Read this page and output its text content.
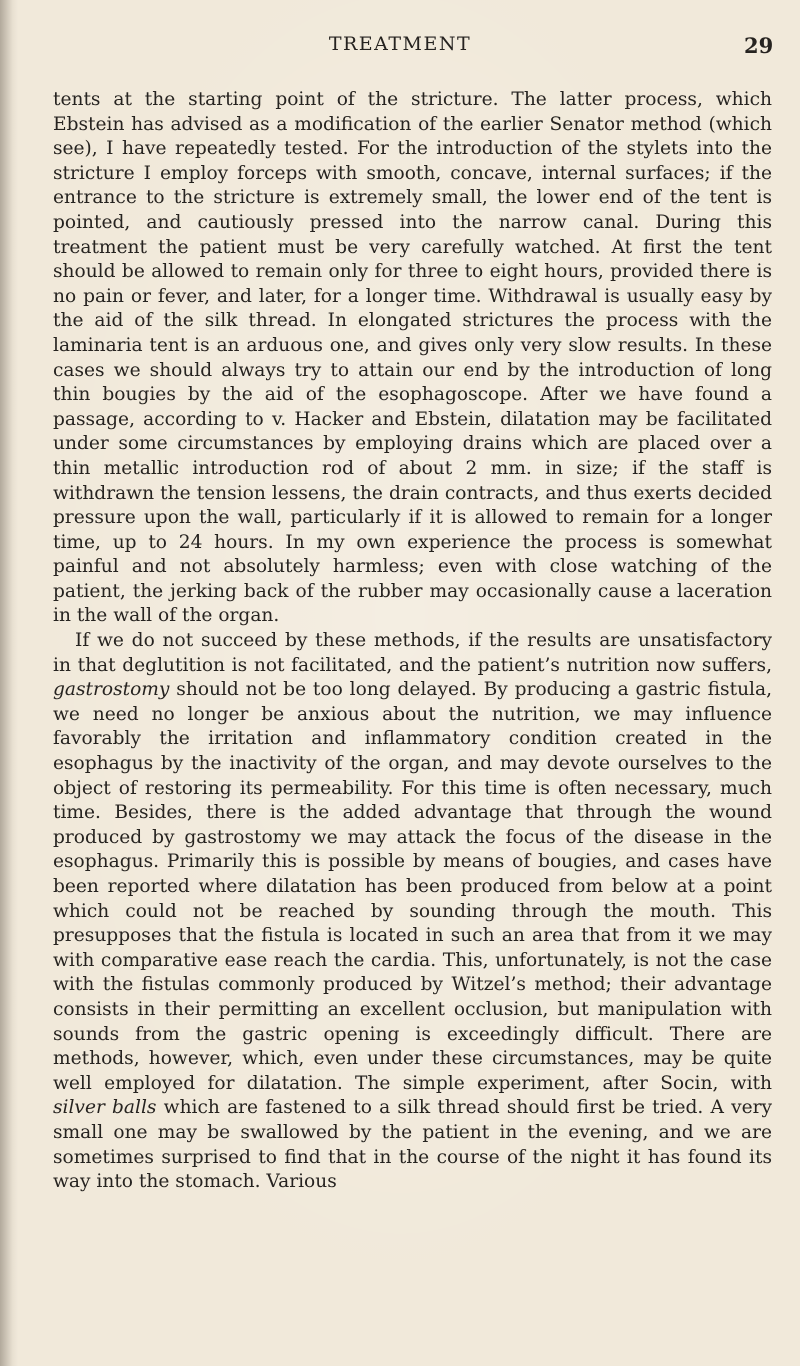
TREATMENT	29

tents at the starting point of the stricture. The latter process, which Ebstein has advised as a modification of the earlier Senator method (which see), I have repeatedly tested. For the introduction of the stylets into the stricture I employ forceps with smooth, concave, internal surfaces; if the entrance to the stricture is extremely small, the lower end of the tent is pointed, and cautiously pressed into the narrow canal. During this treatment the patient must be very carefully watched. At first the tent should be allowed to remain only for three to eight hours, provided there is no pain or fever, and later, for a longer time. Withdrawal is usually easy by the aid of the silk thread. In elongated strictures the process with the laminaria tent is an arduous one, and gives only very slow results. In these cases we should always try to attain our end by the introduction of long thin bougies by the aid of the esophagoscope. After we have found a passage, according to v. Hacker and Ebstein, dilatation may be facilitated under some circumstances by employing drains which are placed over a thin metallic introduction rod of about 2 mm. in size; if the staff is withdrawn the tension lessens, the drain contracts, and thus exerts decided pressure upon the wall, particularly if it is allowed to remain for a longer time, up to 24 hours. In my own experience the process is somewhat painful and not absolutely harmless; even with close watching of the patient, the jerking back of the rubber may occasionally cause a laceration in the wall of the organ.

If we do not succeed by these methods, if the results are unsatisfactory in that deglutition is not facilitated, and the patient’s nutrition now suffers, gastrostomy should not be too long delayed. By producing a gastric fistula, we need no longer be anxious about the nutrition, we may influence favorably the irritation and inflammatory condition created in the esophagus by the inactivity of the organ, and may devote ourselves to the object of restoring its permeability. For this time is often necessary, much time. Besides, there is the added advantage that through the wound produced by gastrostomy we may attack the focus of the disease in the esophagus. Primarily this is possible by means of bougies, and cases have been reported where dilatation has been produced from below at a point which could not be reached by sounding through the mouth. This presupposes that the fistula is located in such an area that from it we may with comparative ease reach the cardia. This, unfortunately, is not the case with the fistulas commonly produced by Witzel’s method; their advantage consists in their permitting an excellent occlusion, but manipulation with sounds from the gastric opening is exceedingly difficult. There are methods, however, which, even under these circumstances, may be quite well employed for dilatation. The simple experiment, after Socin, with silver balls which are fastened to a silk thread should first be tried. A very small one may be swallowed by the patient in the evening, and we are sometimes surprised to find that in the course of the night it has found its way into the stomach. Various
